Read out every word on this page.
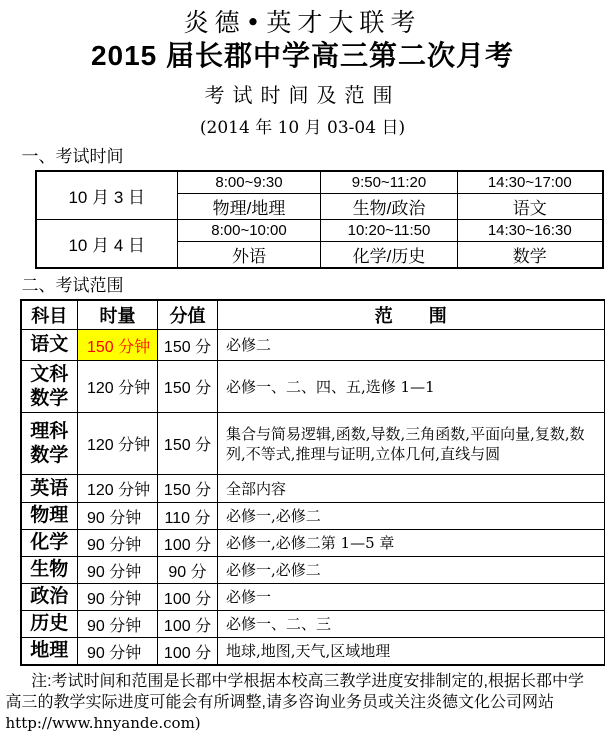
炎德•英才大联考
2015 届长郡中学高三第二次月考
考试时间及范围
(2014 年 10 月 03-04 日)
一、考试时间
10 月 3 日	8:00~9:30	9:50~11:20	14:30~17:00
	物理/地理	生物/政治	语文
10 月 4 日	8:00~10:00	10:20~11:50	14:30~16:30
	外语	化学/历史	数学
二、考试范围
科目	时量	分值	范　　围
语文	150 分钟	150 分	必修二
文科数学	120 分钟	150 分	必修一、二、四、五,选修 1—1
理科数学	120 分钟	150 分	集合与简易逻辑,函数,导数,三角函数,平面向量,复数,数列,不等式,推理与证明,立体几何,直线与圆
英语	120 分钟	150 分	全部内容
物理	90 分钟	110 分	必修一,必修二
化学	90 分钟	100 分	必修一,必修二第 1—5 章
生物	90 分钟	90 分	必修一,必修二
政治	90 分钟	100 分	必修一
历史	90 分钟	100 分	必修一、二、三
地理	90 分钟	100 分	地球,地图,天气,区域地理
注:考试时间和范围是长郡中学根据本校高三教学进度安排制定的,根据长郡中学
高三的教学实际进度可能会有所调整,请多咨询业务员或关注炎德文化公司网站
http://www.hnyande.com)
